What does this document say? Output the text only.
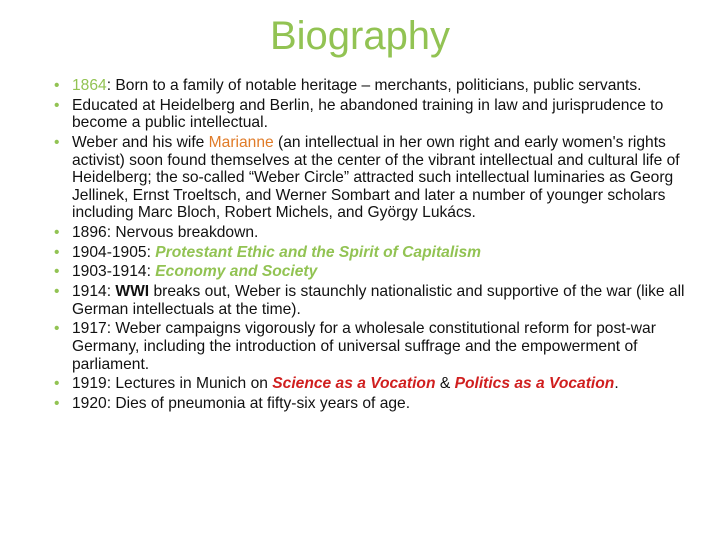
Biography
• 1864: Born to a family of notable heritage – merchants, politicians, public servants.
• Educated at Heidelberg and Berlin, he abandoned training in law and jurisprudence to become a public intellectual.
• Weber and his wife Marianne (an intellectual in her own right and early women's rights activist) soon found themselves at the center of the vibrant intellectual and cultural life of Heidelberg; the so-called “Weber Circle” attracted such intellectual luminaries as Georg Jellinek, Ernst Troeltsch, and Werner Sombart and later a number of younger scholars including Marc Bloch, Robert Michels, and György Lukács.
• 1896: Nervous breakdown.
• 1904-1905: Protestant Ethic and the Spirit of Capitalism
• 1903-1914: Economy and Society
• 1914: WWI breaks out, Weber is staunchly nationalistic and supportive of the war (like all German intellectuals at the time).
• 1917: Weber campaigns vigorously for a wholesale constitutional reform for post-war Germany, including the introduction of universal suffrage and the empowerment of parliament.
• 1919: Lectures in Munich on Science as a Vocation & Politics as a Vocation.
• 1920: Dies of pneumonia at fifty-six years of age.
